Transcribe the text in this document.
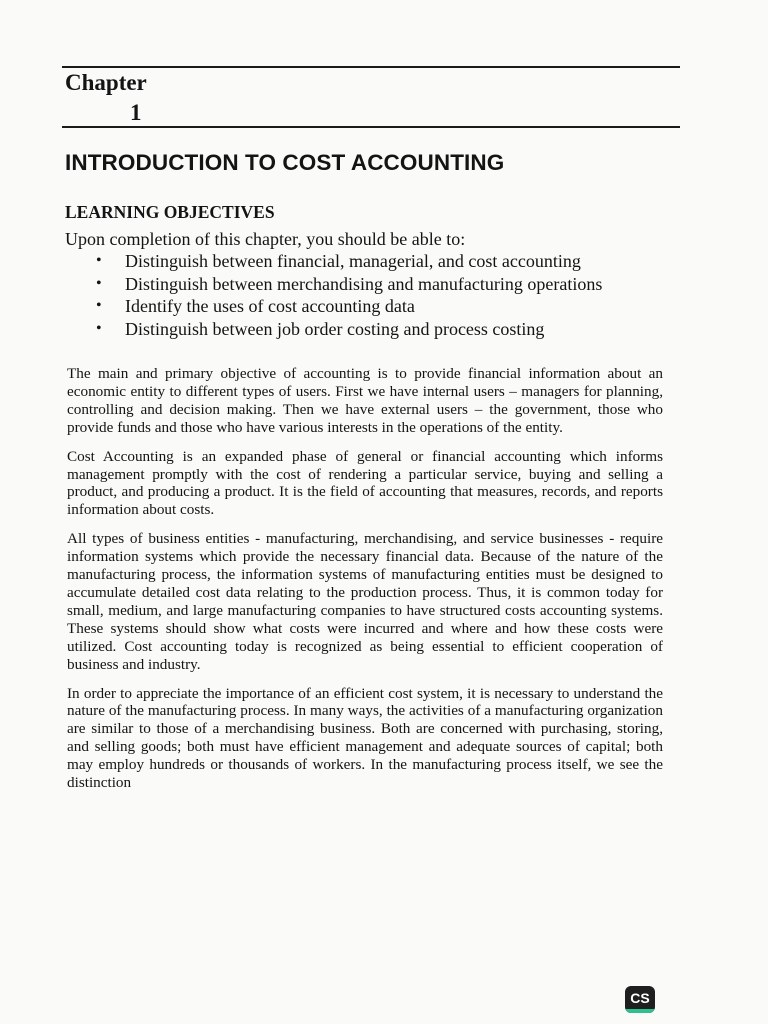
Chapter
1
INTRODUCTION TO COST ACCOUNTING
LEARNING OBJECTIVES
Upon completion of this chapter, you should be able to:
• Distinguish between financial, managerial, and cost accounting
• Distinguish between merchandising and manufacturing operations
• Identify the uses of cost accounting data
• Distinguish between job order costing and process costing

The main and primary objective of accounting is to provide financial information about an economic entity to different types of users. First we have internal users – managers for planning, controlling and decision making. Then we have external users – the government, those who provide funds and those who have various interests in the operations of the entity.

Cost Accounting is an expanded phase of general or financial accounting which informs management promptly with the cost of rendering a particular service, buying and selling a product, and producing a product. It is the field of accounting that measures, records, and reports information about costs.

All types of business entities - manufacturing, merchandising, and service businesses - require information systems which provide the necessary financial data. Because of the nature of the manufacturing process, the information systems of manufacturing entities must be designed to accumulate detailed cost data relating to the production process. Thus, it is common today for small, medium, and large manufacturing companies to have structured costs accounting systems. These systems should show what costs were incurred and where and how these costs were utilized. Cost accounting today is recognized as being essential to efficient cooperation of business and industry.

In order to appreciate the importance of an efficient cost system, it is necessary to understand the nature of the manufacturing process. In many ways, the activities of a manufacturing organization are similar to those of a merchandising business. Both are concerned with purchasing, storing, and selling goods; both must have efficient management and adequate sources of capital; both may employ hundreds or thousands of workers. In the manufacturing process itself, we see the distinction

CS
